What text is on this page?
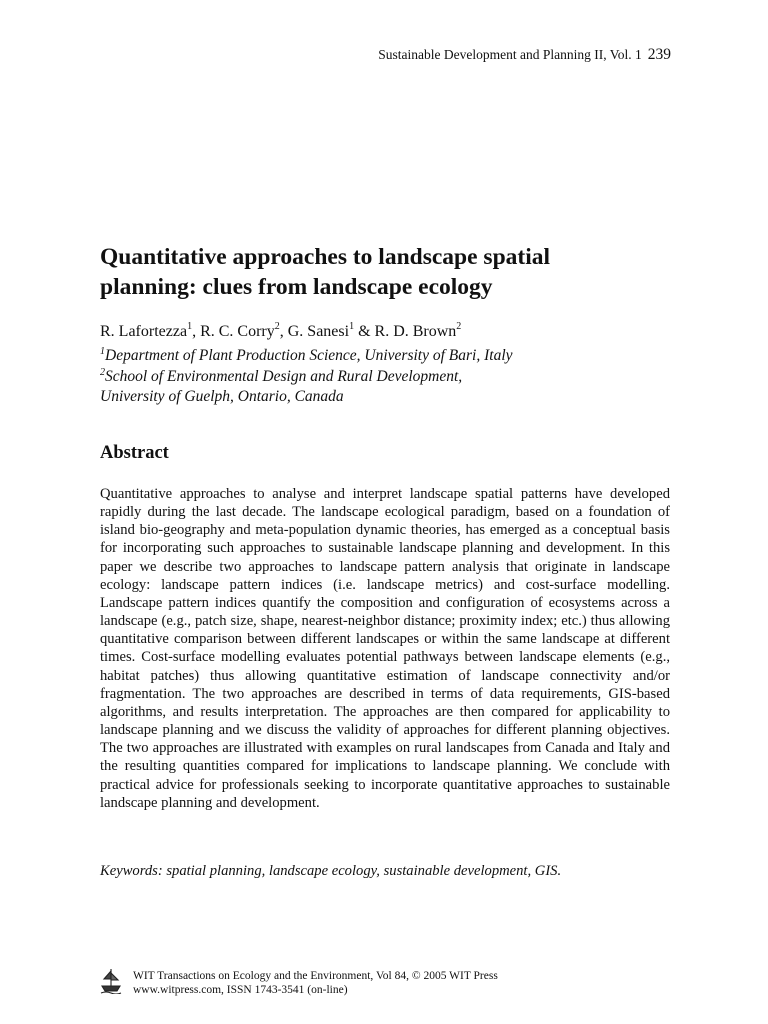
Sustainable Development and Planning II, Vol. 1 239
Quantitative approaches to landscape spatial
planning: clues from landscape ecology
R. Lafortezza$^1$, R. C. Corry$^2$, G. Sanesi$^1$ & R. D. Brown$^2$
$^1$Department of Plant Production Science, University of Bari, Italy
$^2$School of Environmental Design and Rural Development,
University of Guelph, Ontario, Canada
Abstract

Quantitative approaches to analyse and interpret landscape spatial patterns have developed rapidly during the last decade. The landscape ecological paradigm, based on a foundation of island bio-geography and meta-population dynamic theories, has emerged as a conceptual basis for incorporating such approaches to sustainable landscape planning and development. In this paper we describe two approaches to landscape pattern analysis that originate in landscape ecology: landscape pattern indices (i.e. landscape metrics) and cost-surface modelling. Landscape pattern indices quantify the composition and configuration of ecosystems across a landscape (e.g., patch size, shape, nearest-neighbor distance; proximity index; etc.) thus allowing quantitative comparison between different landscapes or within the same landscape at different times. Cost-surface modelling evaluates potential pathways between landscape elements (e.g., habitat patches) thus allowing quantitative estimation of landscape connectivity and/or fragmentation. The two approaches are described in terms of data requirements, GIS-based algorithms, and results interpretation. The approaches are then compared for applicability to landscape planning and we discuss the validity of approaches for different planning objectives. The two approaches are illustrated with examples on rural landscapes from Canada and Italy and the resulting quantities compared for implications to landscape planning. We conclude with practical advice for professionals seeking to incorporate quantitative approaches to sustainable landscape planning and development.

Keywords: spatial planning, landscape ecology, sustainable development, GIS.
WIT Transactions on Ecology and the Environment, Vol 84, © 2005 WIT Press
www.witpress.com, ISSN 1743-3541 (on-line)
